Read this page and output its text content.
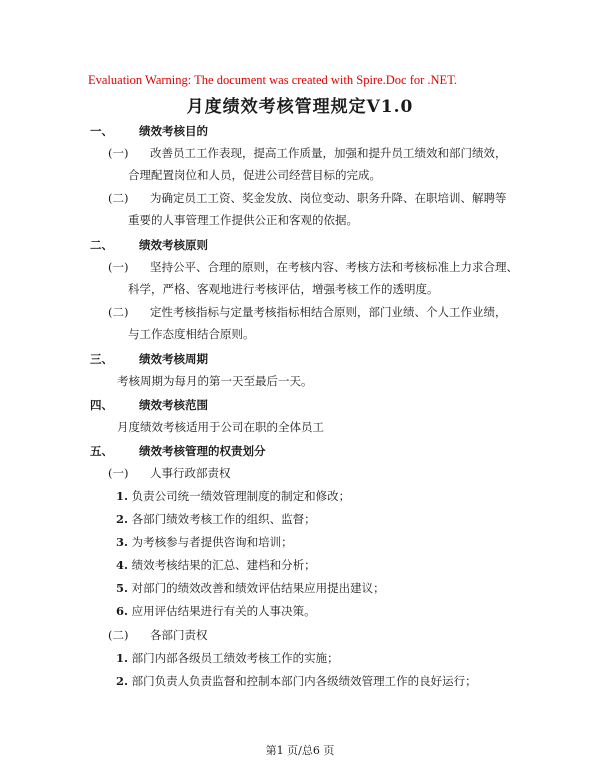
Evaluation Warning: The document was created with Spire.Doc for .NET.
月度绩效考核管理规定V1.0
一、 绩效考核目的
(一) 改善员工工作表现，提高工作质量，加强和提升员工绩效和部门绩效，
合理配置岗位和人员，促进公司经营目标的完成。
(二) 为确定员工工资、奖金发放、岗位变动、职务升降、在职培训、解聘等
重要的人事管理工作提供公正和客观的依据。
二、 绩效考核原则
(一) 坚持公平、合理的原则，在考核内容、考核方法和考核标准上力求合理、
科学，严格、客观地进行考核评估，增强考核工作的透明度。
(二) 定性考核指标与定量考核指标相结合原则，部门业绩、个人工作业绩，
与工作态度相结合原则。
三、 绩效考核周期
考核周期为每月的第一天至最后一天。
四、 绩效考核范围
月度绩效考核适用于公司在职的全体员工
五、 绩效考核管理的权责划分
(一) 人事行政部责权
1. 负责公司统一绩效管理制度的制定和修改；
2. 各部门绩效考核工作的组织、监督；
3. 为考核参与者提供咨询和培训；
4. 绩效考核结果的汇总、建档和分析；
5. 对部门的绩效改善和绩效评估结果应用提出建议；
6. 应用评估结果进行有关的人事决策。
(二) 各部门责权
1. 部门内部各级员工绩效考核工作的实施；
2. 部门负责人负责监督和控制本部门内各级绩效管理工作的良好运行；
第1 页/总6 页
